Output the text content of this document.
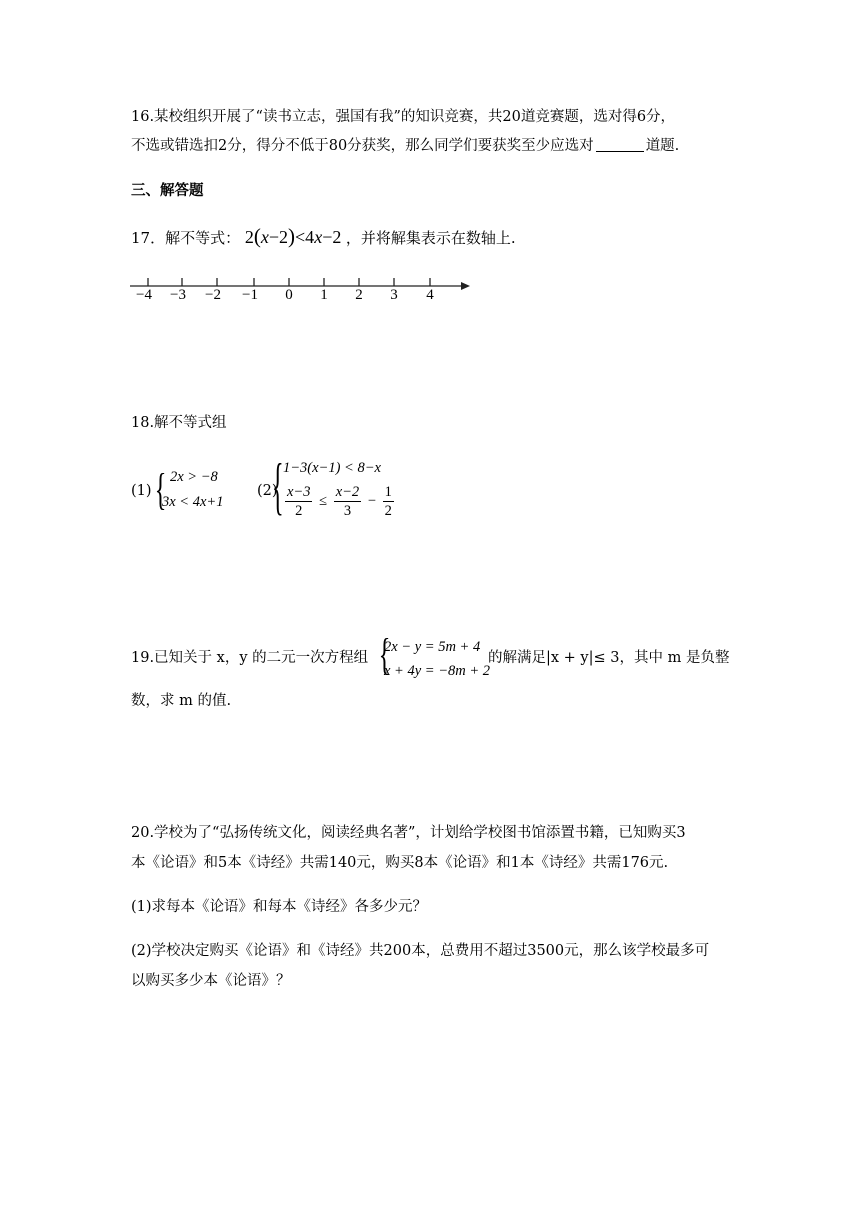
16.某校组织开展了“读书立志，强国有我”的知识竞赛，共20道竞赛题，选对得6分，
不选或错选扣2分，得分不低于80分获奖，那么同学们要获奖至少应选对	道题.
三、解答题
17．解不等式： 2(x−2)<4x−2 ，并将解集表示在数轴上.
−4 −3 −2 −1 0 1 2 3 4
18.解不等式组
(1) { 2x > −8
3x < 4x+1
(2)
{ 1−3(x−1) < 8−x
$\frac{x-3}{2} \le \frac{x-2}{3} - \frac{1}{2}$
19.已知关于 x，y 的二元一次方程组 {
2x − y = 5m + 4
x + 4y = −8m + 2
的解满足|x + y|≤ 3，其中 m 是负整
数，求 m 的值.
20.学校为了“弘扬传统文化，阅读经典名著”，计划给学校图书馆添置书籍，已知购买3
本《论语》和5本《诗经》共需140元，购买8本《论语》和1本《诗经》共需176元.
(1)求每本《论语》和每本《诗经》各多少元？
(2)学校决定购买《论语》和《诗经》共200本，总费用不超过3500元，那么该学校最多可
以购买多少本《论语》？
